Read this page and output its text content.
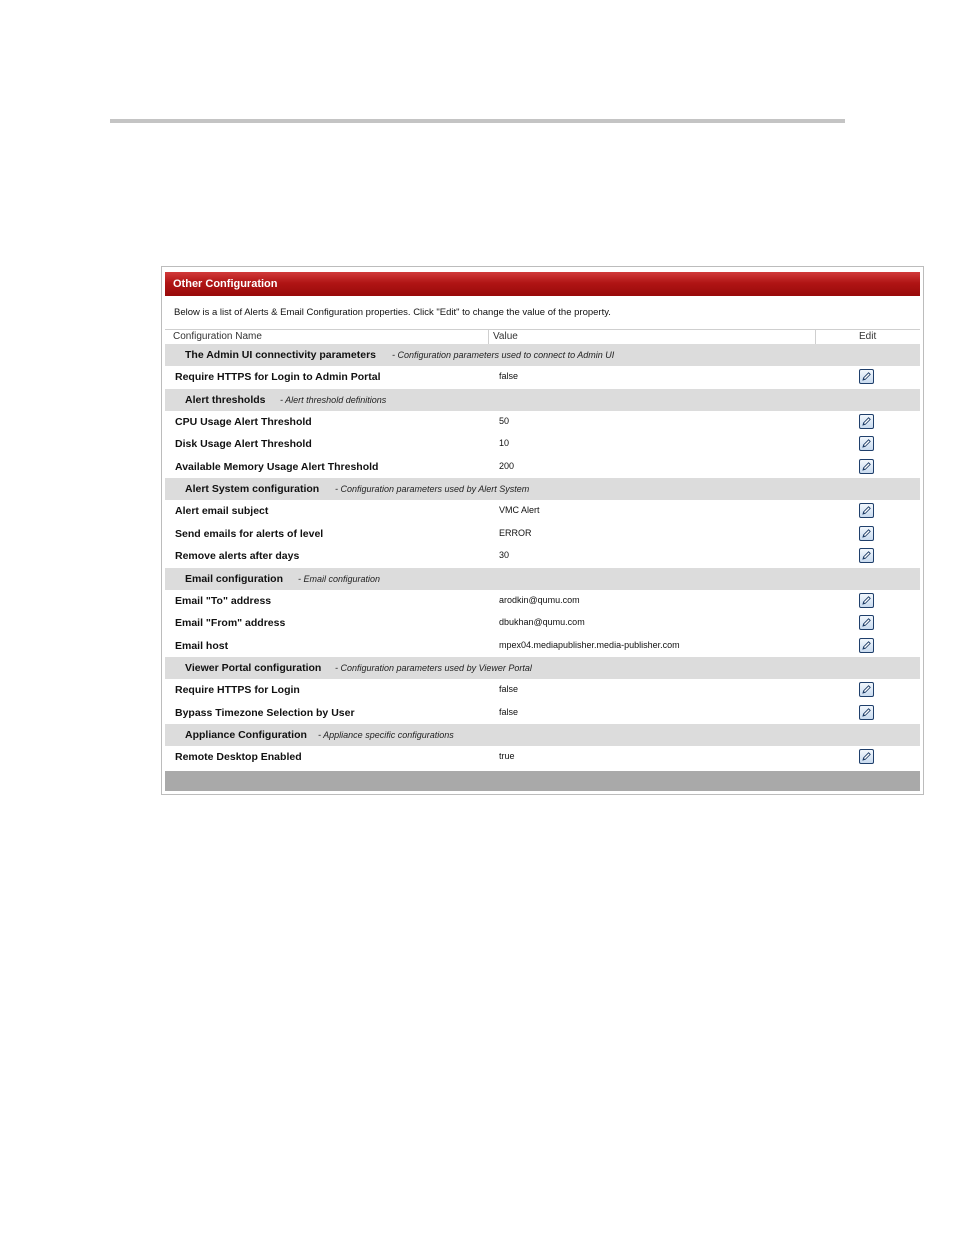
Other Configuration
Below is a list of Alerts & Email Configuration properties. Click "Edit" to change the value of the property.
Configuration Name	Value	Edit
The Admin UI connectivity parameters - Configuration parameters used to connect to Admin UI
Require HTTPS for Login to Admin Portal	false
Alert thresholds - Alert threshold definitions
CPU Usage Alert Threshold	50
Disk Usage Alert Threshold	10
Available Memory Usage Alert Threshold	200
Alert System configuration - Configuration parameters used by Alert System
Alert email subject	VMC Alert
Send emails for alerts of level	ERROR
Remove alerts after days	30
Email configuration - Email configuration
Email "To" address	arodkin@qumu.com
Email "From" address	dbukhan@qumu.com
Email host	mpex04.mediapublisher.media-publisher.com
Viewer Portal configuration - Configuration parameters used by Viewer Portal
Require HTTPS for Login	false
Bypass Timezone Selection by User	false
Appliance Configuration - Appliance specific configurations
Remote Desktop Enabled	true
